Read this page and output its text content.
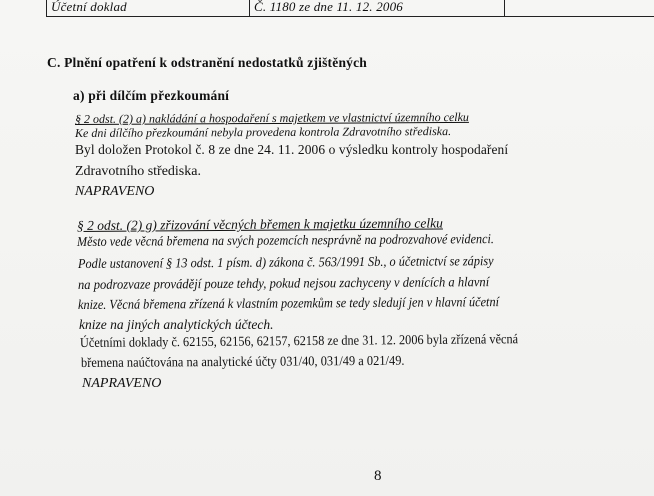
Účetní doklad	Č. 1180 ze dne 11. 12. 2006
C. Plnění opatření k odstranění nedostatků zjištěných
a) při dílčím přezkoumání
§ 2 odst. (2) a) nakládání a hospodaření s majetkem ve vlastnictví územního celku
Ke dni dílčího přezkoumání nebyla provedena kontrola Zdravotního střediska.
Byl doložen Protokol č. 8 ze dne 24. 11. 2006 o výsledku kontroly hospodaření
Zdravotního střediska.
NAPRAVENO
§ 2 odst. (2) g) zřizování věcných břemen k majetku územního celku
Město vede věcná břemena na svých pozemcích nesprávně na podrozvahové evidenci.
Podle ustanovení § 13 odst. 1 písm. d) zákona č. 563/1991 Sb., o účetnictví se zápisy
na podrozvaze provádějí pouze tehdy, pokud nejsou zachyceny v denících a hlavní
knize. Věcná břemena zřízená k vlastním pozemkům se tedy sledují jen v hlavní účetní
knize na jiných analytických účtech.
Účetními doklady č. 62155, 62156, 62157, 62158 ze dne 31. 12. 2006 byla zřízená věcná
břemena naúčtována na analytické účty 031/40, 031/49 a 021/49.
NAPRAVENO
8
